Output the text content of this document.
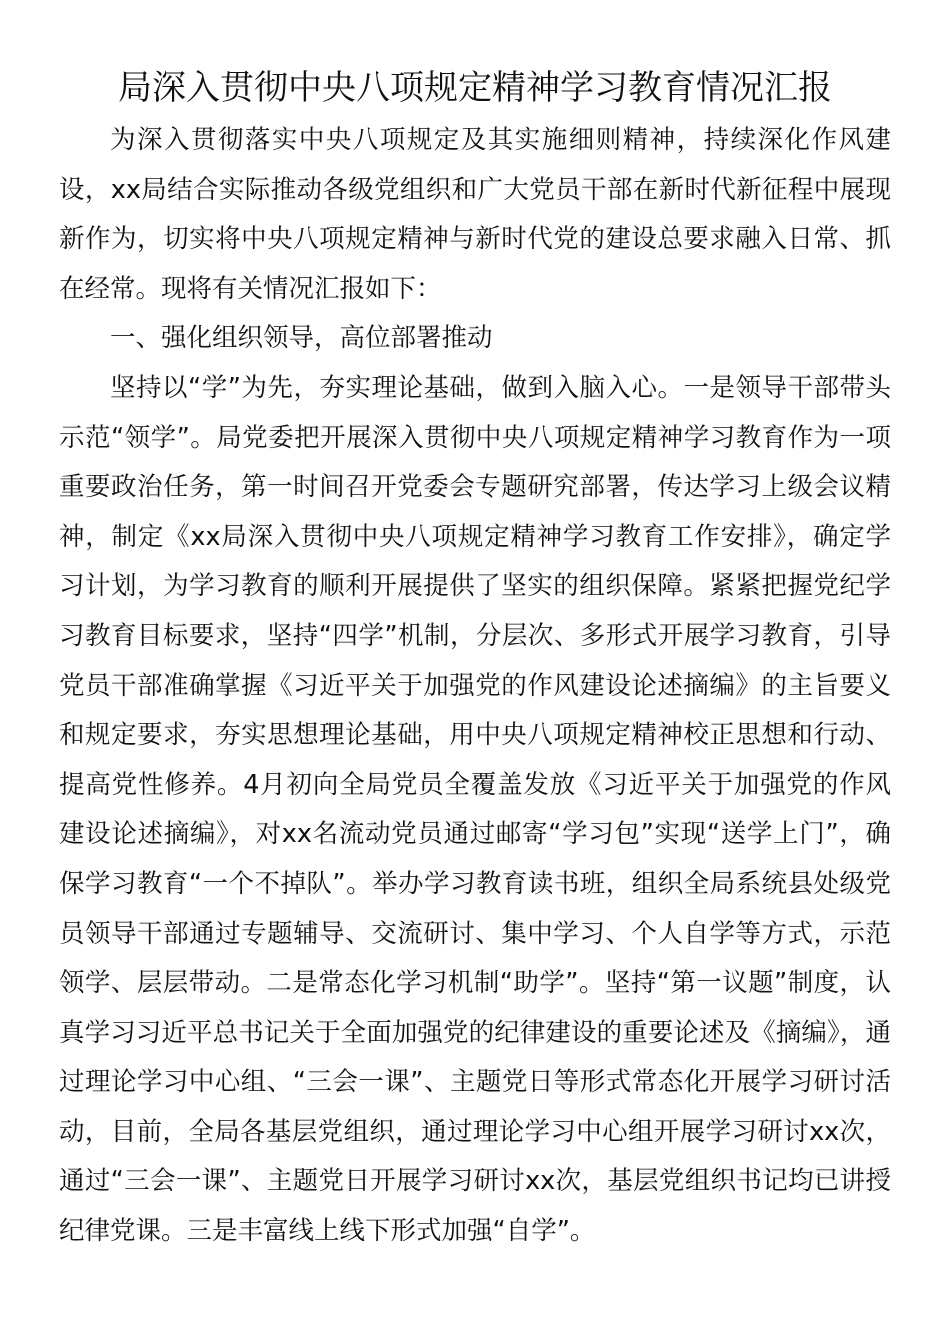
局深入贯彻中央八项规定精神学习教育情况汇报

为深入贯彻落实中央八项规定及其实施细则精神，持续深化作风建设，xx局结合实际推动各级党组织和广大党员干部在新时代新征程中展现新作为，切实将中央八项规定精神与新时代党的建设总要求融入日常、抓在经常。现将有关情况汇报如下：

一、强化组织领导，高位部署推动

坚持以“学”为先，夯实理论基础，做到入脑入心。一是领导干部带头示范“领学”。局党委把开展深入贯彻中央八项规定精神学习教育作为一项重要政治任务，第一时间召开党委会专题研究部署，传达学习上级会议精神，制定《xx局深入贯彻中央八项规定精神学习教育工作安排》，确定学习计划，为学习教育的顺利开展提供了坚实的组织保障。紧紧把握党纪学习教育目标要求，坚持“四学”机制，分层次、多形式开展学习教育，引导党员干部准确掌握《习近平关于加强党的作风建设论述摘编》的主旨要义和规定要求，夯实思想理论基础，用中央八项规定精神校正思想和行动、提高党性修养。4月初向全局党员全覆盖发放《习近平关于加强党的作风建设论述摘编》，对xx名流动党员通过邮寄“学习包”实现“送学上门”，确保学习教育“一个不掉队”。举办学习教育读书班，组织全局系统县处级党员领导干部通过专题辅导、交流研讨、集中学习、个人自学等方式，示范领学、层层带动。二是常态化学习机制“助学”。坚持“第一议题”制度，认真学习习近平总书记关于全面加强党的纪律建设的重要论述及《摘编》，通过理论学习中心组、“三会一课”、主题党日等形式常态化开展学习研讨活动，目前，全局各基层党组织，通过理论学习中心组开展学习研讨xx次，通过“三会一课”、主题党日开展学习研讨xx次，基层党组织书记均已讲授纪律党课。三是丰富线上线下形式加强“自学”。
